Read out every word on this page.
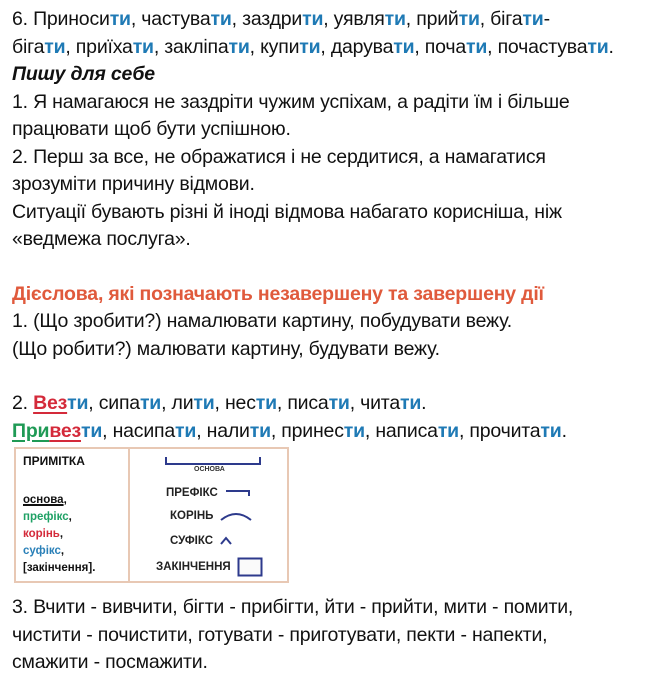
6. Приносити, частувати, заздрити, уявляти, прийти, бігати-
бігати, приїхати, закліпати, купити, дарувати, почати, почастувати.
Пишу для себе
1. Я намагаюся не заздріти чужим успіхам, а радіти їм і більше
працювати щоб бути успішною.
2. Перш за все, не ображатися і не сердитися, а намагатися
зрозуміти причину відмови.
Ситуації бувають різні й іноді відмова набагато корисніша, ніж
«ведмежа послуга».
Дієслова, які позначають незавершену та завершену дії
1. (Що зробити?) намалювати картину, побудувати вежу.
(Що робити?) малювати картину, будувати вежу.
2. Везти, сипати, лити, нести, писати, читати.
Привезти, насипати, налити, принести, написати, прочитати.
ПРИМІТКА
основа,
префікс,
корінь,
суфікс,
[закінчення].
ОСНОВА
ПРЕФІКС
КОРІНЬ
СУФІКС
ЗАКІНЧЕННЯ
3. Вчити - вивчити, бігти - прибігти, йти - прийти, мити - помити,
чистити - почистити, готувати - приготувати, пекти - напекти,
смажити - посмажити.
